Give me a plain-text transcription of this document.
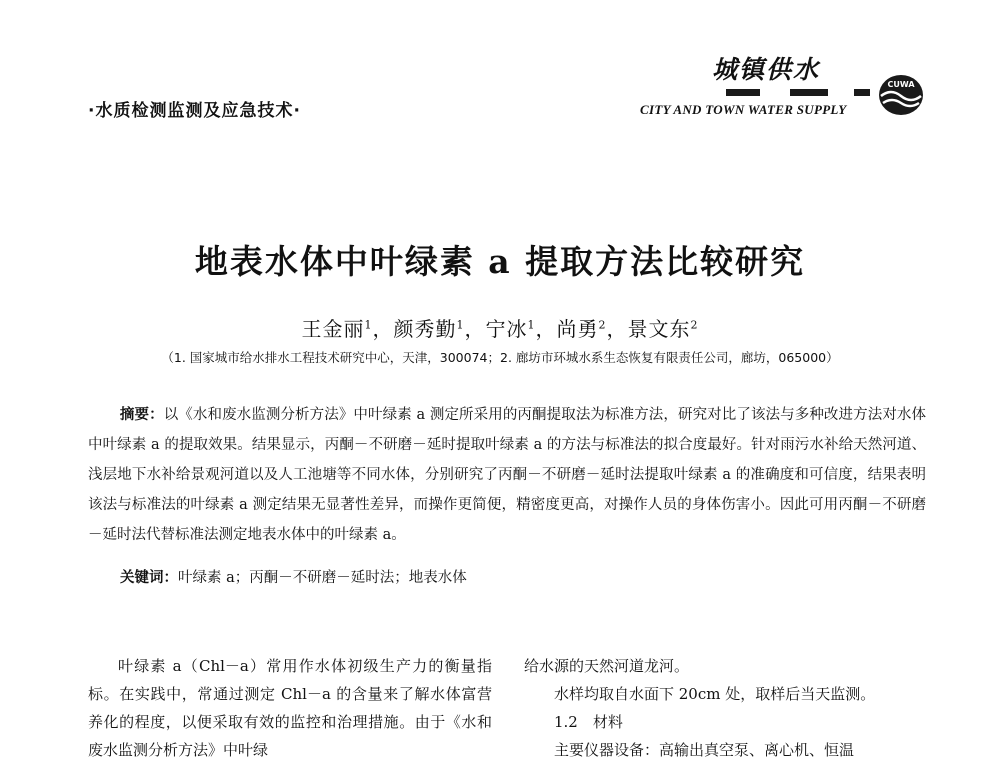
·水质检测监测及应急技术·
城镇供水
CUWA
CITY AND TOWN WATER SUPPLY
地表水体中叶绿素 a 提取方法比较研究
王金丽$^1$，颜秀勤$^1$，宁冰$^1$，尚勇$^2$，景文东$^2$
（1. 国家城市给水排水工程技术研究中心，天津，300074；2. 廊坊市环城水系生态恢复有限责任公司，廊坊，065000）
摘要：以《水和废水监测分析方法》中叶绿素 a 测定所采用的丙酮提取法为标准方法，研究对比了该法与多种改进方法对水体中叶绿素 a 的提取效果。结果显示，丙酮－不研磨－延时提取叶绿素 a 的方法与标准法的拟合度最好。针对雨污水补给天然河道、浅层地下水补给景观河道以及人工池塘等不同水体，分别研究了丙酮－不研磨－延时法提取叶绿素 a 的准确度和可信度，结果表明该法与标准法的叶绿素 a 测定结果无显著性差异，而操作更简便，精密度更高，对操作人员的身体伤害小。因此可用丙酮－不研磨－延时法代替标准法测定地表水体中的叶绿素 a。
关键词：叶绿素 a；丙酮－不研磨－延时法；地表水体

叶绿素 a（Chl－a）常用作水体初级生产力的衡量指标。在实践中，常通过测定 Chl－a 的含量来了解水体富营养化的程度，以便采取有效的监控和治理措施。由于《水和废水监测分析方法》中叶绿

给水源的天然河道龙河。

水样均取自水面下 20cm 处，取样后当天监测。

1.2　材料

主要仪器设备：高输出真空泵、离心机、恒温
